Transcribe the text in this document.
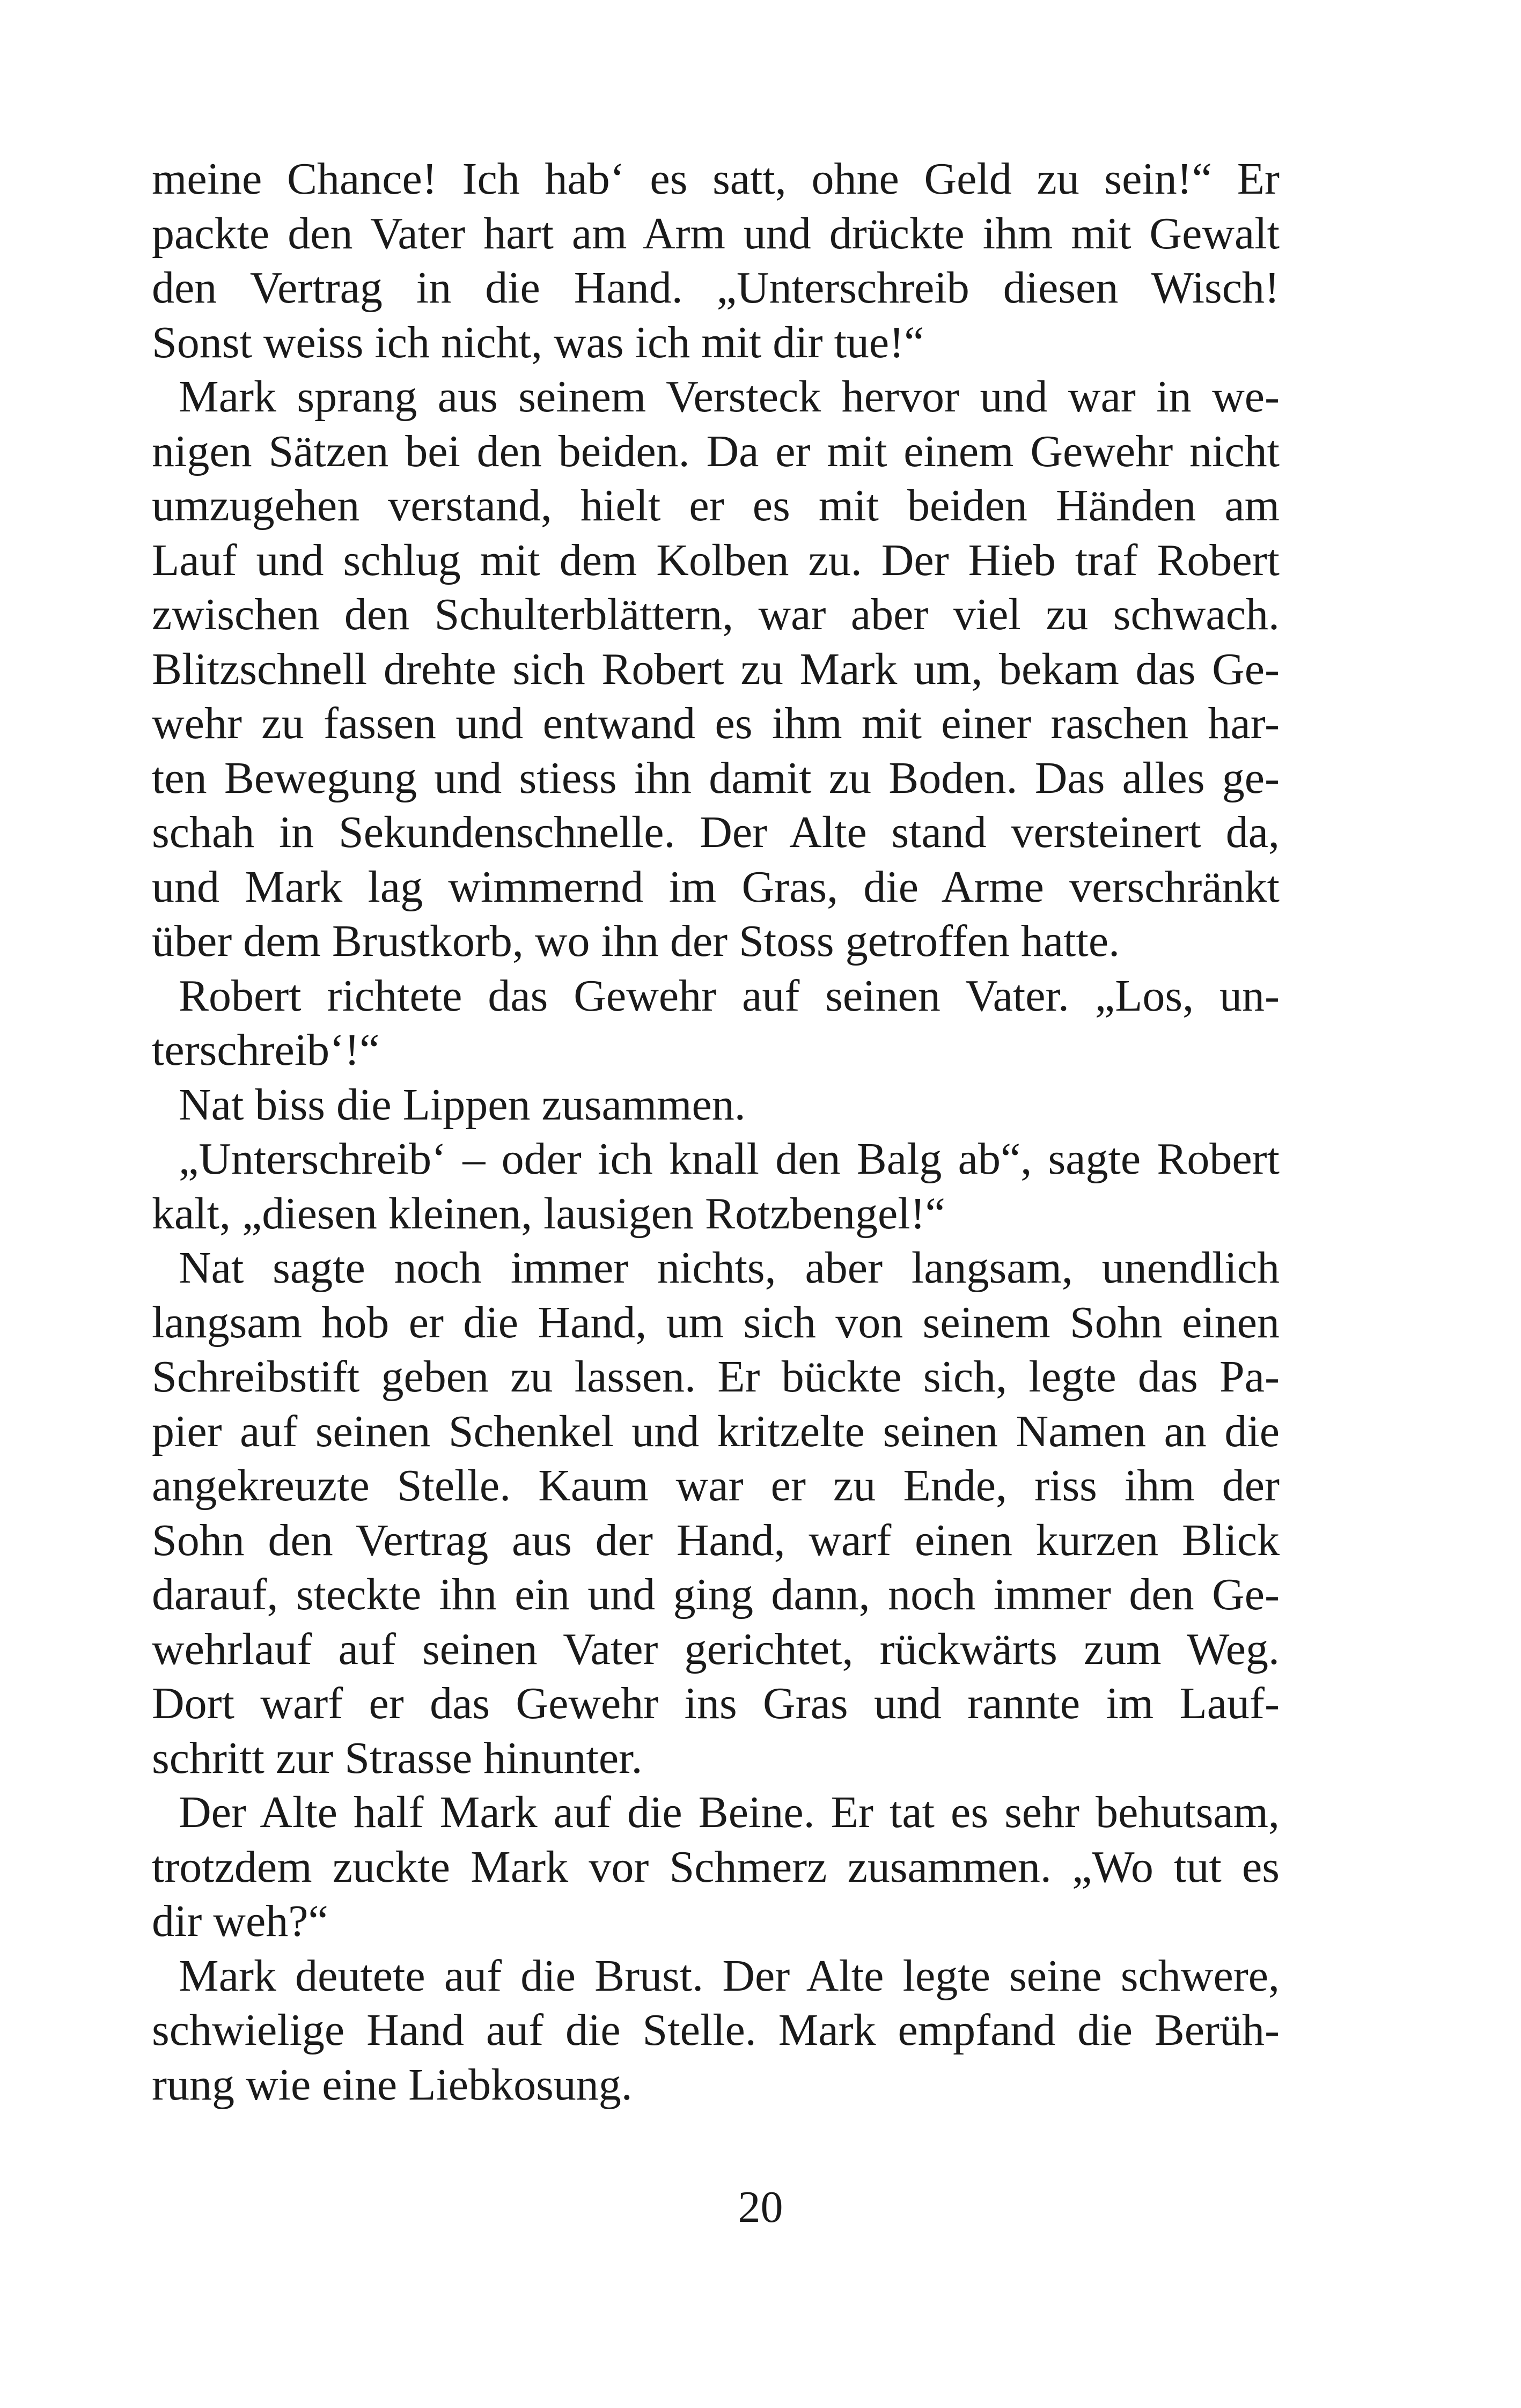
meine Chance! Ich hab‘ es satt, ohne Geld zu sein!“ Er
packte den Vater hart am Arm und drückte ihm mit Gewalt
den Vertrag in die Hand. „Unterschreib diesen Wisch!
Sonst weiss ich nicht, was ich mit dir tue!“
Mark sprang aus seinem Versteck hervor und war in we-
nigen Sätzen bei den beiden. Da er mit einem Gewehr nicht
umzugehen verstand, hielt er es mit beiden Händen am
Lauf und schlug mit dem Kolben zu. Der Hieb traf Robert
zwischen den Schulterblättern, war aber viel zu schwach.
Blitzschnell drehte sich Robert zu Mark um, bekam das Ge-
wehr zu fassen und entwand es ihm mit einer raschen har-
ten Bewegung und stiess ihn damit zu Boden. Das alles ge-
schah in Sekundenschnelle. Der Alte stand versteinert da,
und Mark lag wimmernd im Gras, die Arme verschränkt
über dem Brustkorb, wo ihn der Stoss getroffen hatte.
Robert richtete das Gewehr auf seinen Vater. „Los, un-
terschreib‘!“
Nat biss die Lippen zusammen.
„Unterschreib‘ – oder ich knall den Balg ab“, sagte Robert
kalt, „diesen kleinen, lausigen Rotzbengel!“
Nat sagte noch immer nichts, aber langsam, unendlich
langsam hob er die Hand, um sich von seinem Sohn einen
Schreibstift geben zu lassen. Er bückte sich, legte das Pa-
pier auf seinen Schenkel und kritzelte seinen Namen an die
angekreuzte Stelle. Kaum war er zu Ende, riss ihm der
Sohn den Vertrag aus der Hand, warf einen kurzen Blick
darauf, steckte ihn ein und ging dann, noch immer den Ge-
wehrlauf auf seinen Vater gerichtet, rückwärts zum Weg.
Dort warf er das Gewehr ins Gras und rannte im Lauf-
schritt zur Strasse hinunter.
Der Alte half Mark auf die Beine. Er tat es sehr behutsam,
trotzdem zuckte Mark vor Schmerz zusammen. „Wo tut es
dir weh?“
Mark deutete auf die Brust. Der Alte legte seine schwere,
schwielige Hand auf die Stelle. Mark empfand die Berüh-
rung wie eine Liebkosung.
20
